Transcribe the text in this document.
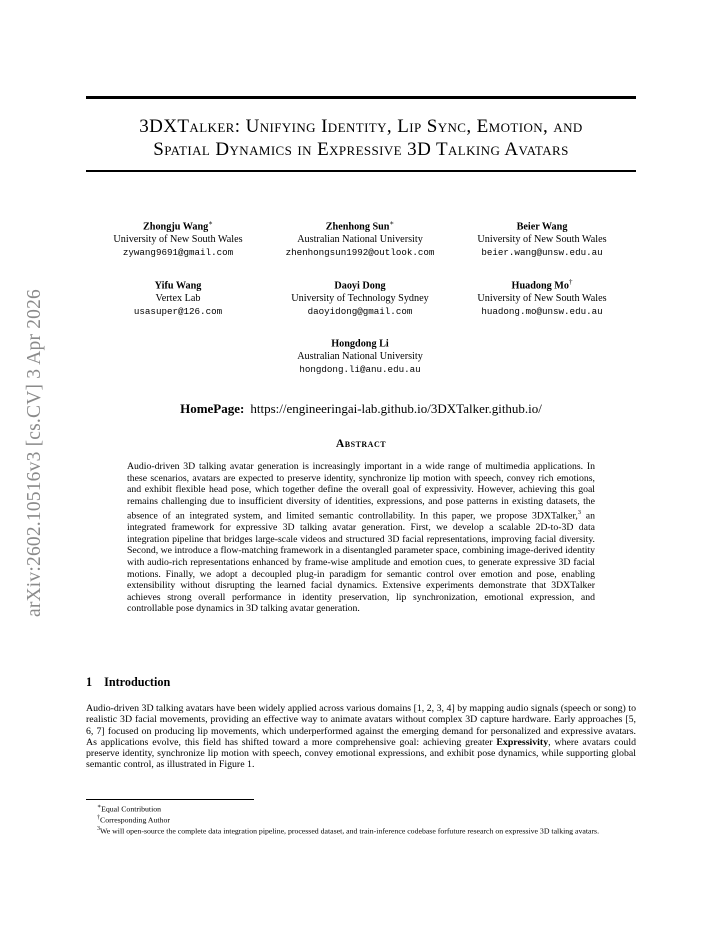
arXiv:2602.10516v3 [cs.CV] 3 Apr 2026
3DXTalker: Unifying Identity, Lip Sync, Emotion, and
Spatial Dynamics in Expressive 3D Talking Avatars
Zhongju Wang∗
University of New South Wales
zywang9691@gmail.com
Zhenhong Sun∗
Australian National University
zhenhongsun1992@outlook.com
Beier Wang
University of New South Wales
beier.wang@unsw.edu.au
Yifu Wang
Vertex Lab
usasuper@126.com
Daoyi Dong
University of Technology Sydney
daoyidong@gmail.com
Huadong Mo†
University of New South Wales
huadong.mo@unsw.edu.au
Hongdong Li
Australian National University
hongdong.li@anu.edu.au
HomePage: https://engineeringai-lab.github.io/3DXTalker.github.io/
Abstract

Audio-driven 3D talking avatar generation is increasingly important in a wide range of multimedia applications. In these scenarios, avatars are expected to preserve identity, synchronize lip motion with speech, convey rich emotions, and exhibit flexible head pose, which together define the overall goal of expressivity. However, achieving this goal remains challenging due to insufficient diversity of identities, expressions, and pose patterns in existing datasets, the absence of an integrated system, and limited semantic controllability. In this paper, we propose 3DXTalker,$^3$ an integrated framework for expressive 3D talking avatar generation. First, we develop a scalable 2D-to-3D data integration pipeline that bridges large-scale videos and structured 3D facial representations, improving facial diversity. Second, we introduce a flow-matching framework in a disentangled parameter space, combining image-derived identity with audio-rich representations enhanced by frame-wise amplitude and emotion cues, to generate expressive 3D facial motions. Finally, we adopt a decoupled plug-in paradigm for semantic control over emotion and pose, enabling extensibility without disrupting the learned facial dynamics. Extensive experiments demonstrate that 3DXTalker achieves strong overall performance in identity preservation, lip synchronization, emotional expression, and controllable pose dynamics in 3D talking avatar generation.

1 Introduction

Audio-driven 3D talking avatars have been widely applied across various domains [1, 2, 3, 4] by mapping audio signals (speech or song) to realistic 3D facial movements, providing an effective way to animate avatars without complex 3D capture hardware. Early approaches [5, 6, 7] focused on producing lip movements, which underperformed against the emerging demand for personalized and expressive avatars. As applications evolve, this field has shifted toward a more comprehensive goal: achieving greater Expressivity, where avatars could preserve identity, synchronize lip motion with speech, convey emotional expressions, and exhibit pose dynamics, while supporting global semantic control, as illustrated in Figure 1.

∗Equal Contribution

†Corresponding Author

$^3$We will open-source the complete data integration pipeline, processed dataset, and train-inference codebase forfuture research on expressive 3D talking avatars.
